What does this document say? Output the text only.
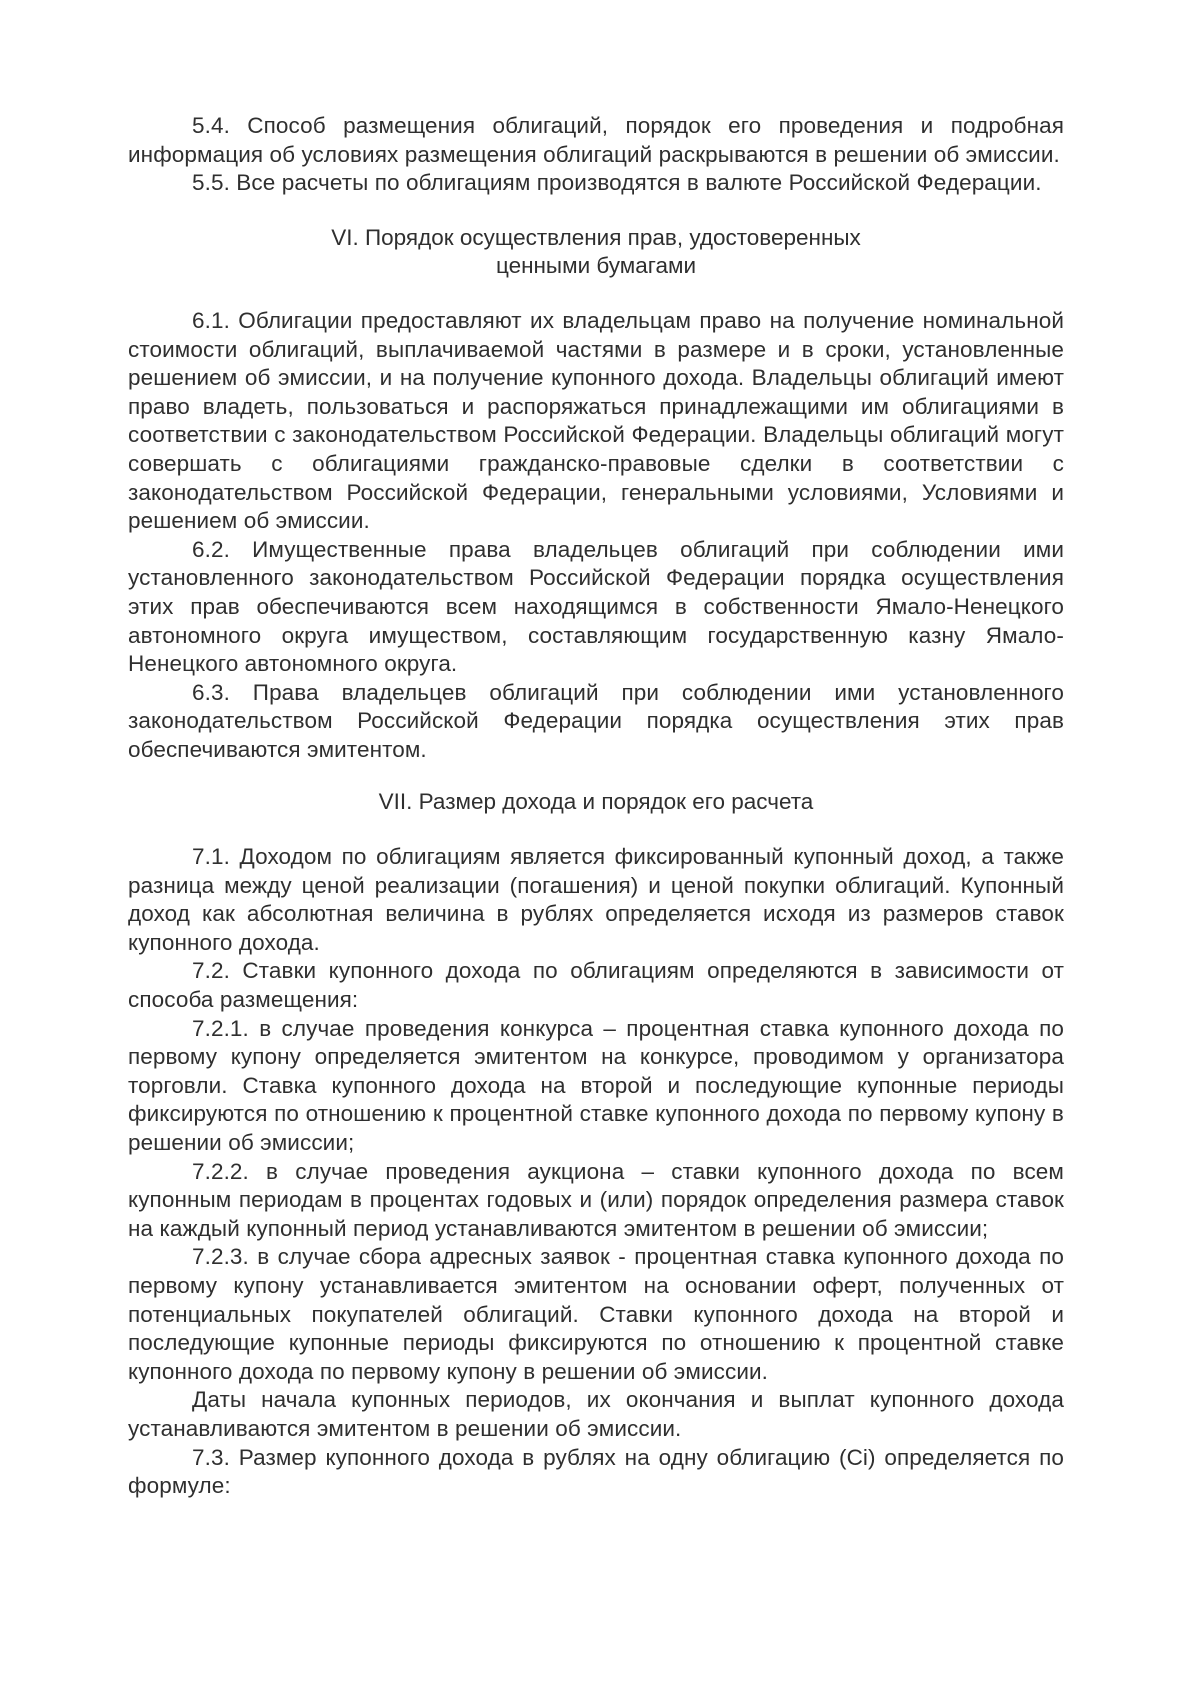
5.4. Способ размещения облигаций, порядок его проведения и подробная информация об условиях размещения облигаций раскрываются в решении об эмиссии.

5.5. Все расчеты по облигациям производятся в валюте Российской Федерации.

VI. Порядок осуществления прав, удостоверенных
ценными бумагами

6.1. Облигации предоставляют их владельцам право на получение номинальной стоимости облигаций, выплачиваемой частями в размере и в сроки, установленные решением об эмиссии, и на получение купонного дохода. Владельцы облигаций имеют право владеть, пользоваться и распоряжаться принадлежащими им облигациями в соответствии с законодательством Российской Федерации. Владельцы облигаций могут совершать с облигациями гражданско-правовые сделки в соответствии с законодательством Российской Федерации, генеральными условиями, Условиями и решением об эмиссии.

6.2. Имущественные права владельцев облигаций при соблюдении ими установленного законодательством Российской Федерации порядка осуществления этих прав обеспечиваются всем находящимся в собственности Ямало-Ненецкого автономного округа имуществом, составляющим государственную казну Ямало-Ненецкого автономного округа.

6.3. Права владельцев облигаций при соблюдении ими установленного законодательством Российской Федерации порядка осуществления этих прав обеспечиваются эмитентом.

VII. Размер дохода и порядок его расчета

7.1. Доходом по облигациям является фиксированный купонный доход, а также разница между ценой реализации (погашения) и ценой покупки облигаций. Купонный доход как абсолютная величина в рублях определяется исходя из размеров ставок купонного дохода.

7.2. Ставки купонного дохода по облигациям определяются в зависимости от способа размещения:

7.2.1. в случае проведения конкурса – процентная ставка купонного дохода по первому купону определяется эмитентом на конкурсе, проводимом у организатора торговли. Ставка купонного дохода на второй и последующие купонные периоды фиксируются по отношению к процентной ставке купонного дохода по первому купону в решении об эмиссии;

7.2.2. в случае проведения аукциона – ставки купонного дохода по всем купонным периодам в процентах годовых и (или) порядок определения размера ставок на каждый купонный период устанавливаются эмитентом в решении об эмиссии;

7.2.3. в случае сбора адресных заявок - процентная ставка купонного дохода по первому купону устанавливается эмитентом на основании оферт, полученных от потенциальных покупателей облигаций. Ставки купонного дохода на второй и последующие купонные периоды фиксируются по отношению к процентной ставке купонного дохода по первому купону в решении об эмиссии.

Даты начала купонных периодов, их окончания и выплат купонного дохода устанавливаются эмитентом в решении об эмиссии.

7.3. Размер купонного дохода в рублях на одну облигацию (Ci) определяется по формуле:
